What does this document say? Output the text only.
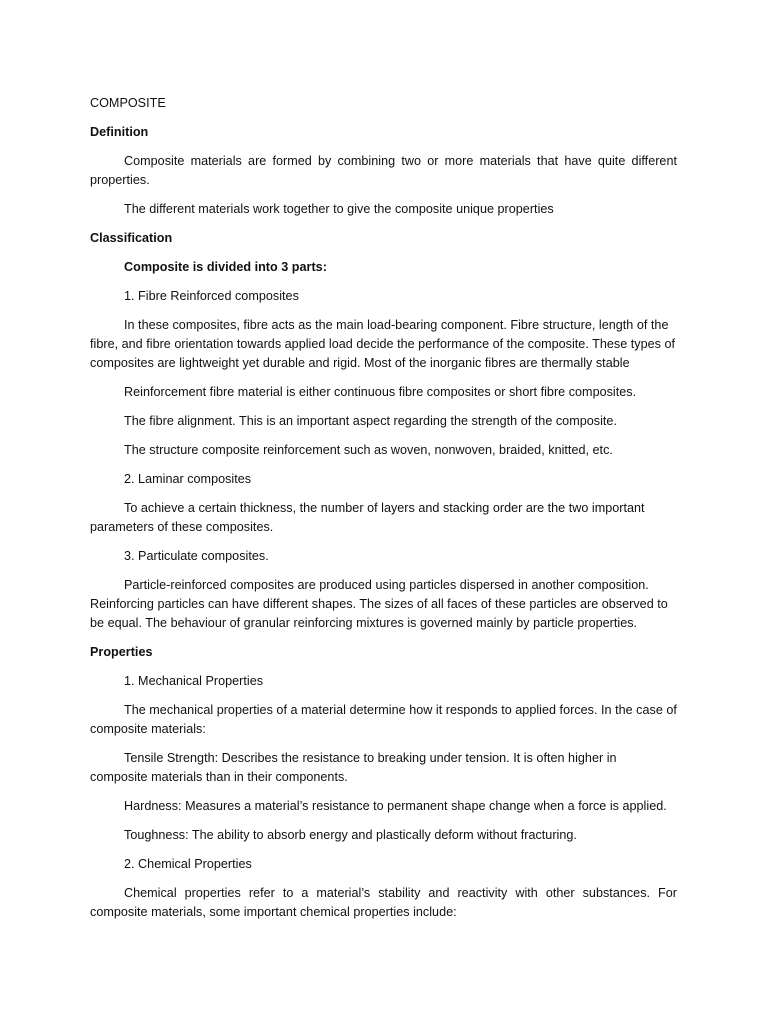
COMPOSITE

Definition

Composite materials are formed by combining two or more materials that have quite different properties.

The different materials work together to give the composite unique properties

Classification

Composite is divided into 3 parts:

1. Fibre Reinforced composites

In these composites, fibre acts as the main load-bearing component. Fibre structure, length of the fibre, and fibre orientation towards applied load decide the performance of the composite. These types of composites are lightweight yet durable and rigid. Most of the inorganic fibres are thermally stable

Reinforcement fibre material is either continuous fibre composites or short fibre composites.

The fibre alignment. This is an important aspect regarding the strength of the composite.

The structure composite reinforcement such as woven, nonwoven, braided, knitted, etc.

2. Laminar composites

To achieve a certain thickness, the number of layers and stacking order are the two important parameters of these composites.

3. Particulate composites.

Particle-reinforced composites are produced using particles dispersed in another composition. Reinforcing particles can have different shapes. The sizes of all faces of these particles are observed to be equal. The behaviour of granular reinforcing mixtures is governed mainly by particle properties.

Properties

1. Mechanical Properties

The mechanical properties of a material determine how it responds to applied forces. In the case of composite materials:

Tensile Strength: Describes the resistance to breaking under tension. It is often higher in composite materials than in their components.

Hardness: Measures a material’s resistance to permanent shape change when a force is applied.

Toughness: The ability to absorb energy and plastically deform without fracturing.

2. Chemical Properties

Chemical properties refer to a material’s stability and reactivity with other substances. For composite materials, some important chemical properties include:
